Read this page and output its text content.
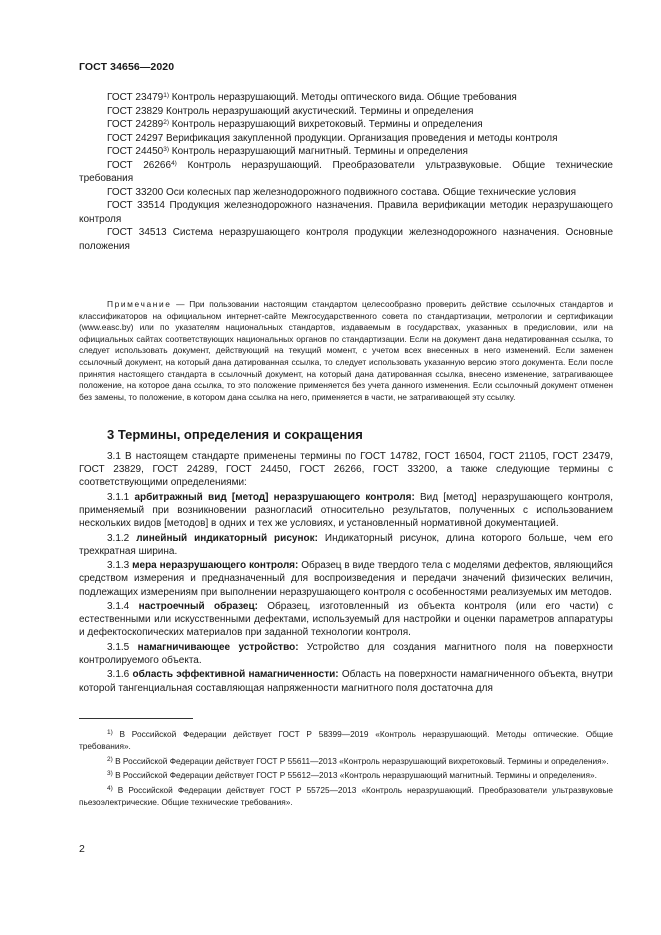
ГОСТ 34656—2020

ГОСТ 23479$^{1)}$ Контроль неразрушающий. Методы оптического вида. Общие требования

ГОСТ 23829 Контроль неразрушающий акустический. Термины и определения

ГОСТ 24289$^{2)}$ Контроль неразрушающий вихретоковый. Термины и определения

ГОСТ 24297 Верификация закупленной продукции. Организация проведения и методы контроля

ГОСТ 24450$^{3)}$ Контроль неразрушающий магнитный. Термины и определения

ГОСТ 26266$^{4)}$ Контроль неразрушающий. Преобразователи ультразвуковые. Общие технические требования

ГОСТ 33200 Оси колесных пар железнодорожного подвижного состава. Общие технические условия

ГОСТ 33514 Продукция железнодорожного назначения. Правила верификации методик неразрушающего контроля

ГОСТ 34513 Система неразрушающего контроля продукции железнодорожного назначения. Основные положения

Примечание — При пользовании настоящим стандартом целесообразно проверить действие ссылочных стандартов и классификаторов на официальном интернет-сайте Межгосударственного совета по стандартизации, метрологии и сертификации (www.easc.by) или по указателям национальных стандартов, издаваемым в государствах, указанных в предисловии, или на официальных сайтах соответствующих национальных органов по стандартизации. Если на документ дана недатированная ссылка, то следует использовать документ, действующий на текущий момент, с учетом всех внесенных в него изменений. Если заменен ссылочный документ, на который дана датированная ссылка, то следует использовать указанную версию этого документа. Если после принятия настоящего стандарта в ссылочный документ, на который дана датированная ссылка, внесено изменение, затрагивающее положение, на которое дана ссылка, то это положение применяется без учета данного изменения. Если ссылочный документ отменен без замены, то положение, в котором дана ссылка на него, применяется в части, не затрагивающей эту ссылку.

3 Термины, определения и сокращения

3.1 В настоящем стандарте применены термины по ГОСТ 14782, ГОСТ 16504, ГОСТ 21105, ГОСТ 23479, ГОСТ 23829, ГОСТ 24289, ГОСТ 24450, ГОСТ 26266, ГОСТ 33200, а также следующие термины с соответствующими определениями:

3.1.1 арбитражный вид [метод] неразрушающего контроля: Вид [метод] неразрушающего контроля, применяемый при возникновении разногласий относительно результатов, полученных с использованием нескольких видов [методов] в одних и тех же условиях, и установленный нормативной документацией.

3.1.2 линейный индикаторный рисунок: Индикаторный рисунок, длина которого больше, чем его трехкратная ширина.

3.1.3 мера неразрушающего контроля: Образец в виде твердого тела с моделями дефектов, являющийся средством измерения и предназначенный для воспроизведения и передачи значений физических величин, подлежащих измерениям при выполнении неразрушающего контроля с особенностями реализуемых им методов.

3.1.4 настроечный образец: Образец, изготовленный из объекта контроля (или его части) с естественными или искусственными дефектами, используемый для настройки и оценки параметров аппаратуры и дефектоскопических материалов при заданной технологии контроля.

3.1.5 намагничивающее устройство: Устройство для создания магнитного поля на поверхности контролируемого объекта.

3.1.6 область эффективной намагниченности: Область на поверхности намагниченного объекта, внутри которой тангенциальная составляющая напряженности магнитного поля достаточна для

$^{1)}$ В Российской Федерации действует ГОСТ Р 58399—2019 «Контроль неразрушающий. Методы оптические. Общие требования».

$^{2)}$ В Российской Федерации действует ГОСТ Р 55611—2013 «Контроль неразрушающий вихретоковый. Термины и определения».

$^{3)}$ В Российской Федерации действует ГОСТ Р 55612—2013 «Контроль неразрушающий магнитный. Термины и определения».

$^{4)}$ В Российской Федерации действует ГОСТ Р 55725—2013 «Контроль неразрушающий. Преобразователи ультразвуковые пьезоэлектрические. Общие технические требования».

2
